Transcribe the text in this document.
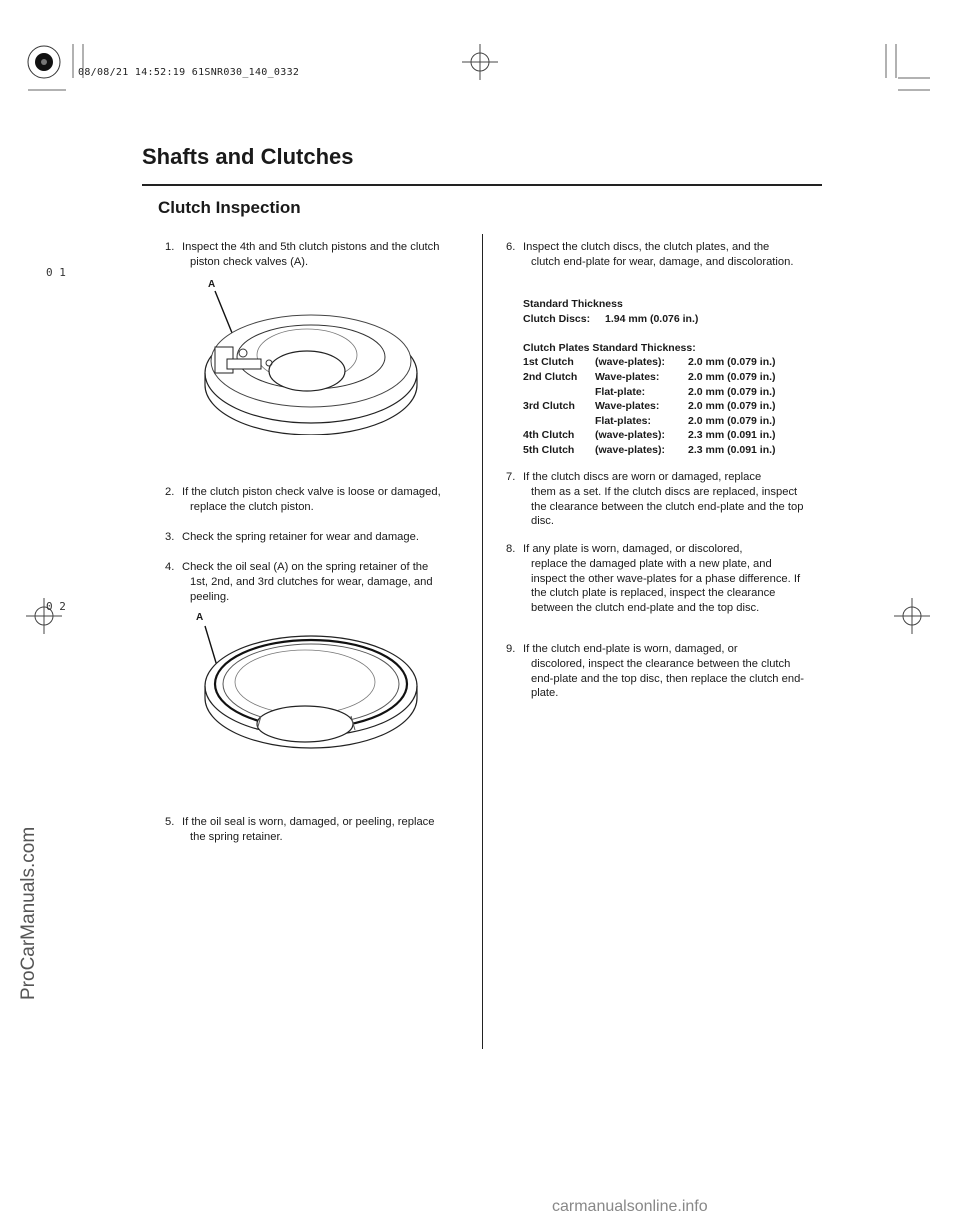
08/08/21 14:52:19 61SNR030_140_0332
Shafts and Clutches
Clutch Inspection
0 1
0 2
ProCarManuals.com
carmanualsonline.info
1. Inspect the 4th and 5th clutch pistons and the clutch
piston check valves (A).
A
2. If the clutch piston check valve is loose or damaged,
replace the clutch piston.
3. Check the spring retainer for wear and damage.
4. Check the oil seal (A) on the spring retainer of the
1st, 2nd, and 3rd clutches for wear, damage, and peeling.
A
5. If the oil seal is worn, damaged, or peeling, replace
the spring retainer.
6. Inspect the clutch discs, the clutch plates, and the
clutch end-plate for wear, damage, and discoloration.
Standard Thickness
Clutch Discs: 1.94 mm (0.076 in.)
Clutch Plates Standard Thickness:
1st Clutch (wave-plates): 2.0 mm (0.079 in.)
2nd Clutch Wave-plates:	2.0 mm (0.079 in.)
Flat-plate:	2.0 mm (0.079 in.)
3rd Clutch Wave-plates:	2.0 mm (0.079 in.)
Flat-plates:	2.0 mm (0.079 in.)
4th Clutch (wave-plates): 2.3 mm (0.091 in.)
5th Clutch (wave-plates): 2.3 mm (0.091 in.)
7. If the clutch discs are worn or damaged, replace
them as a set. If the clutch discs are replaced, inspect the clearance between the clutch end-plate and the top disc.
8. If any plate is worn, damaged, or discolored,
replace the damaged plate with a new plate, and inspect the other wave-plates for a phase difference. If the clutch plate is replaced, inspect the clearance between the clutch end-plate and the top disc.
9. If the clutch end-plate is worn, damaged, or
discolored, inspect the clearance between the clutch end-plate and the top disc, then replace the clutch end-plate.
